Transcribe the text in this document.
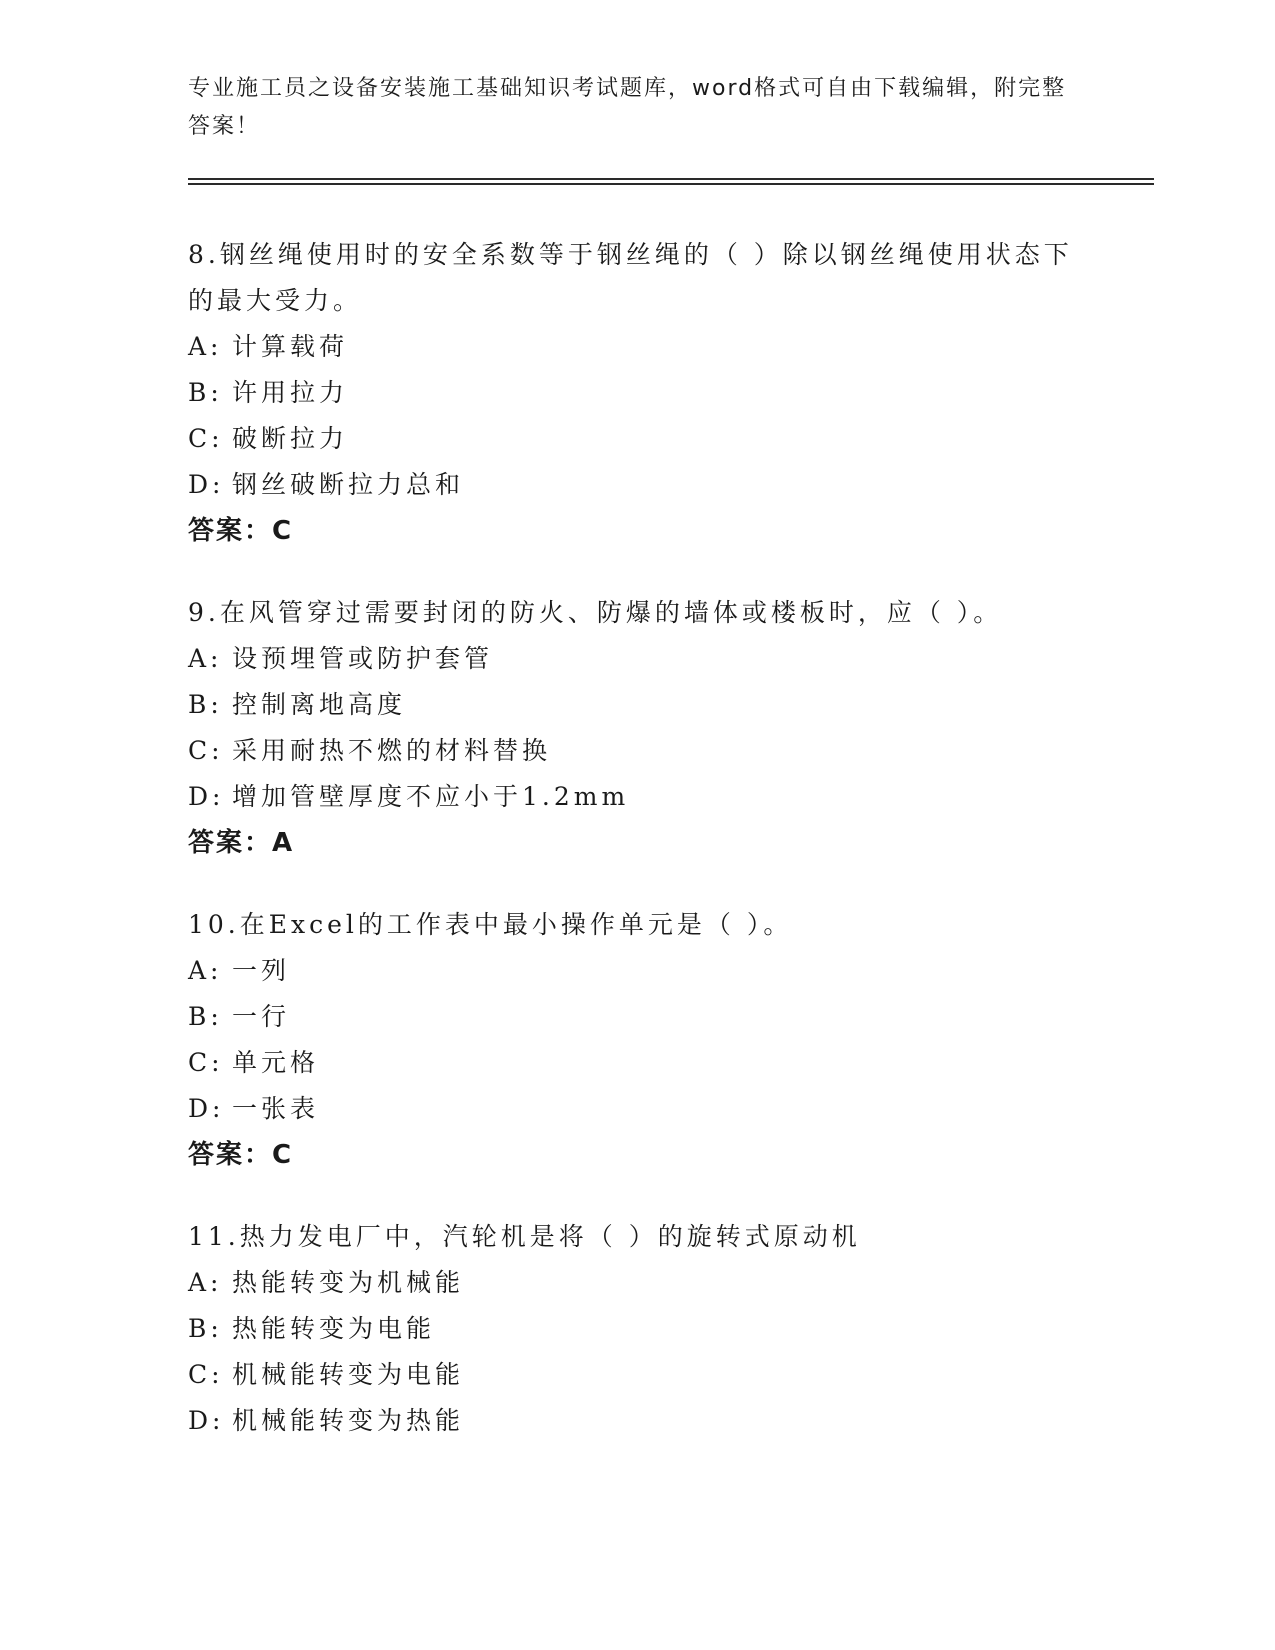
专业施工员之设备安装施工基础知识考试题库，word格式可自由下载编辑，附完整答案！
8.钢丝绳使用时的安全系数等于钢丝绳的（ ）除以钢丝绳使用状态下的最大受力。
A: 计算载荷
B: 许用拉力
C: 破断拉力
D: 钢丝破断拉力总和
答案：C
9.在风管穿过需要封闭的防火、防爆的墙体或楼板时，应（ ）。
A: 设预埋管或防护套管
B: 控制离地高度
C: 采用耐热不燃的材料替换
D: 增加管壁厚度不应小于1.2mm
答案：A
10.在Excel的工作表中最小操作单元是（ ）。
A: 一列
B: 一行
C: 单元格
D: 一张表
答案：C
11.热力发电厂中，汽轮机是将（ ）的旋转式原动机
A: 热能转变为机械能
B: 热能转变为电能
C: 机械能转变为电能
D: 机械能转变为热能
